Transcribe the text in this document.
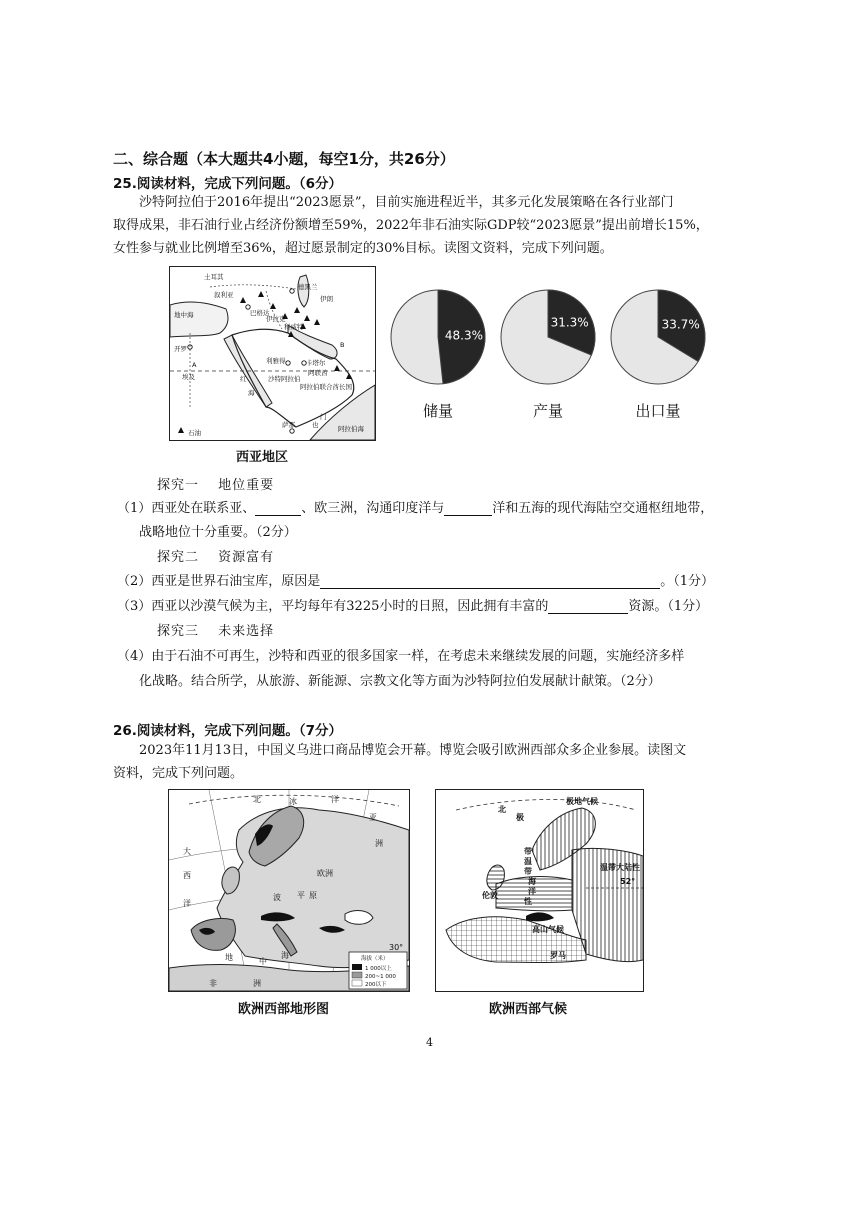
二、综合题（本大题共4小题，每空1分，共26分）
25.阅读材料，完成下列问题。（6分）
沙特阿拉伯于2016年提出“2023愿景”，目前实施进程近半，其多元化发展策略在各行业部门
取得成果，非石油行业占经济份额增至59%，2022年非石油实际GDP较“2023愿景”提出前增长15%，
女性参与就业比例增至36%，超过愿景制定的30%目标。读图文资料，完成下列问题。
土耳其
叙利亚
巴格达
德黑兰
伊拉克
伊朗
地中海
科威特
开罗
埃及
利雅得	卡塔尔
阿联酋
沙特阿拉伯
阿拉伯联合酋长国
萨那	也
门
阿拉伯海
红
海
A
B
石油
西亚地区
48.3%
储量
31.3%
产量
33.7%
出口量
探究一　 地位重要
（1）西亚处在联系亚、	、欧三洲，沟通印度洋与	洋和五海的现代海陆空交通枢纽地带，
战略地位十分重要。（2分）
探究二　 资源富有
（2）西亚是世界石油宝库，原因是	。（1分）
（3）西亚以沙漠气候为主，平均每年有3225小时的日照，因此拥有丰富的	资源。（1分）
探究三　 未来选择
（4）由于石油不可再生，沙特和西亚的很多国家一样，在考虑未来继续发展的问题，实施经济多样
化战略。结合所学，从旅游、新能源、宗教文化等方面为沙特阿拉伯发展献计献策。（2分）
26.阅读材料，完成下列问题。（7分）
2023年11月13日，中国义乌进口商品博览会开幕。博览会吸引欧洲西部众多企业参展。读图文
资料，完成下列问题。
北	冰	洋
亚
洲
大
西
洋
欧洲
平 原
波
地	中
海
非	洲
30°
海拔（米）
1 000以上
200~1 000
200以下
欧洲西部地形图
极地气候
北
极
带
温
带
海
洋
性
伦敦
温带大陆性
高山气候
罗马
52°
欧洲西部气候
4
